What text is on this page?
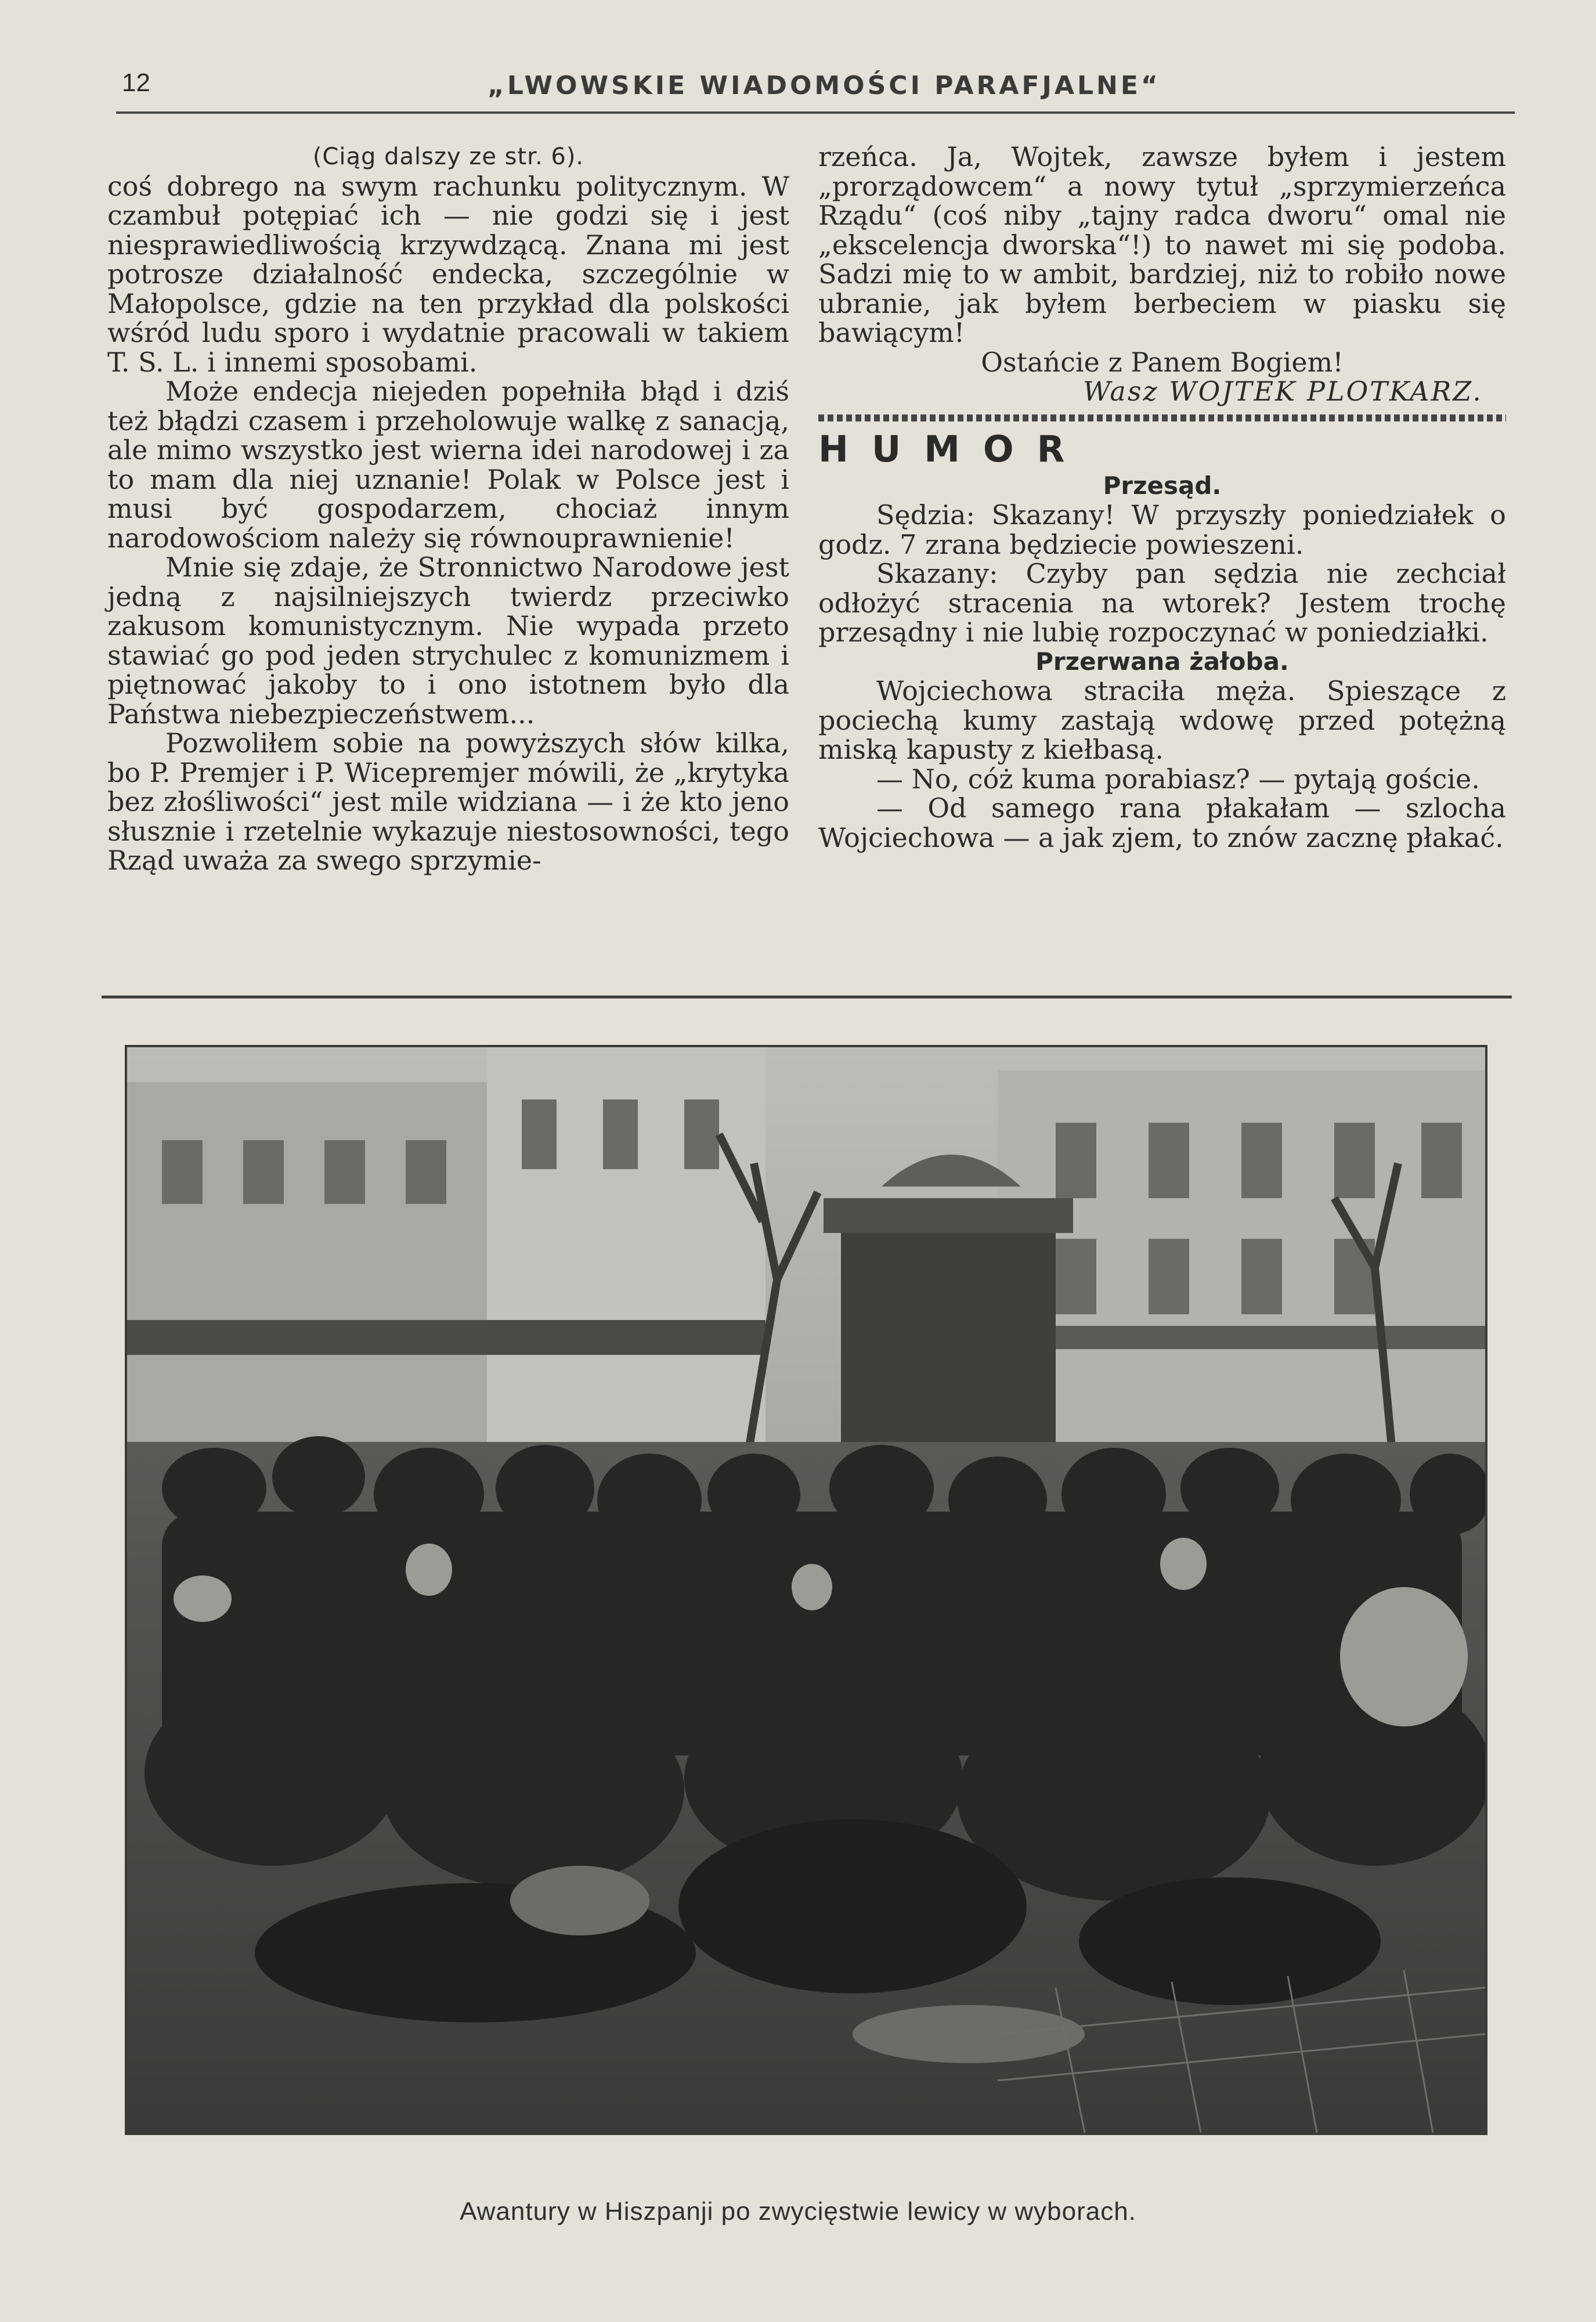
12	„LWOWSKIE WIADOMOŚCI PARAFJALNE“

(Ciąg dalszy ze str. 6).

coś dobrego na swym rachunku politycznym. W czambuł potępiać ich — nie godzi się i jest niesprawiedliwością krzywdzącą. Znana mi jest potrosze działalność endecka, szczególnie w Małopolsce, gdzie na ten przykład dla polskości wśród ludu sporo i wydatnie pracowali w takiem T. S. L. i innemi sposobami.

Może endecja niejeden popełniła błąd i dziś też błądzi czasem i przeholowuje walkę z sanacją, ale mimo wszystko jest wierna idei narodowej i za to mam dla niej uznanie! Polak w Polsce jest i musi być gospodarzem, chociaż innym narodowościom należy się równouprawnienie!

Mnie się zdaje, że Stronnictwo Narodowe jest jedną z najsilniejszych twierdz przeciwko zakusom komunistycznym. Nie wypada przeto stawiać go pod jeden strychulec z komunizmem i piętnować jakoby to i ono istotnem było dla Państwa niebezpieczeństwem...

Pozwoliłem sobie na powyższych słów kilka, bo P. Premjer i P. Wicepremjer mówili, że „krytyka bez złośliwości“ jest mile widziana — i że kto jeno słusznie i rzetelnie wykazuje niestosowności, tego Rząd uważa za swego sprzymie-

rzeńca. Ja, Wojtek, zawsze byłem i jestem „prorządowcem“ a nowy tytuł „sprzymierzeńca Rządu“ (coś niby „tajny radca dworu“ omal nie „ekscelencja dworska“!) to nawet mi się podoba. Sadzi mię to w ambit, bardziej, niż to robiło nowe ubranie, jak byłem berbeciem w piasku się bawiącym!

Ostańcie z Panem Bogiem!

Wasz WOJTEK PLOTKARZ.

HUMOR

Przesąd.

Sędzia: Skazany! W przyszły poniedziałek o godz. 7 zrana będziecie powieszeni.

Skazany: Czyby pan sędzia nie zechciał odłożyć stracenia na wtorek? Jestem trochę przesądny i nie lubię rozpoczynać w poniedziałki.

Przerwana żałoba.

Wojciechowa straciła męża. Spieszące z pociechą kumy zastają wdowę przed potężną miską kapusty z kiełbasą.

— No, cóż kuma porabiasz? — pytają goście.

— Od samego rana płakałam — szlocha Wojciechowa — a jak zjem, to znów zacznę płakać.

Awantury w Hiszpanji po zwycięstwie lewicy w wyborach.
